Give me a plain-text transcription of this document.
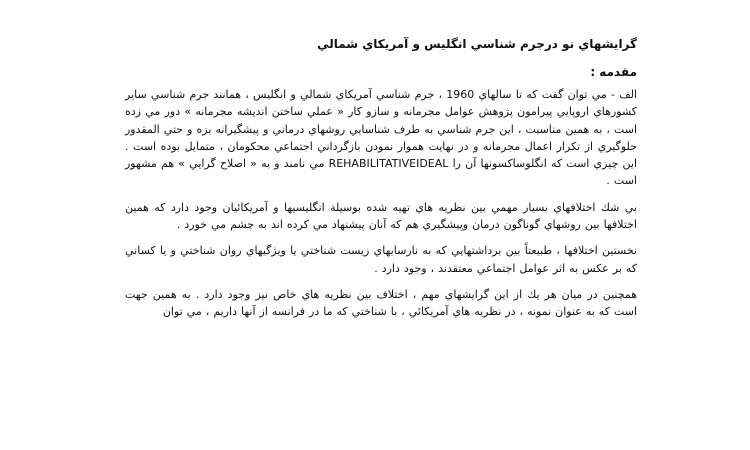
گرايشهاي نو درجرم شناسي انگليس و آمريكاي شمالي
مقدمه :

الف - مي توان گفت كه تا سالهاي 1960 ، جرم شناسي آمريكاي شمالي و انگليس ، همانند جرم شناسي ساير كشورهاي اروپايي پيرامون پژوهش عوامل مجرمانه و سازو كار « عملي ساختن انديشه مجرمانه » دور مي زده است ، به همين مناسبت ، اين جرم شناسي به طرف شناسايي روشهاي درماني و پيشگيرانه بزه و حتي المقدور جلوگيري از تكرار اعمال مجرمانه و در نهايت هموار نمودن بازگرداني اجتماعي محكومان ، متمايل بوده است . اين چيزي است كه انگلوساكسونها آن را REHABILITATIVEIDEAL مي نامند و به « اصلاح گرايي » هم مشهور است .

بي شك اختلافهاي بسيار مهمي بين نظريه هاي تهيه شده بوسيلة انگليسيها و آمريكائيان وجود دارد كه همين اختلافها بين روشهاي گوناگون درمان وپيشگيري هم كه آنان پيشنهاد مي كرده اند به چشم مي خورد .

نخستين اختلافها ، طبيعتاً بين برداشتهايي كه به نارسايهاي زيست شناختي يا ويژگيهاي روان شناختي و يا كساني كه بر عكس به اثر عوامل اجتماعي معتقدند ، وجود دارد .

همچنين در ميان هر يك از اين گرايشهاي مهم ، اختلاف بين نظريه هاي خاص نيز وجود دارد . به همين جهت است كه به عنوان نمونه ، در نظريه هاي آمريكائي ، با شناختي كه ما در فرانسه از آنها داريم ، مي توان
